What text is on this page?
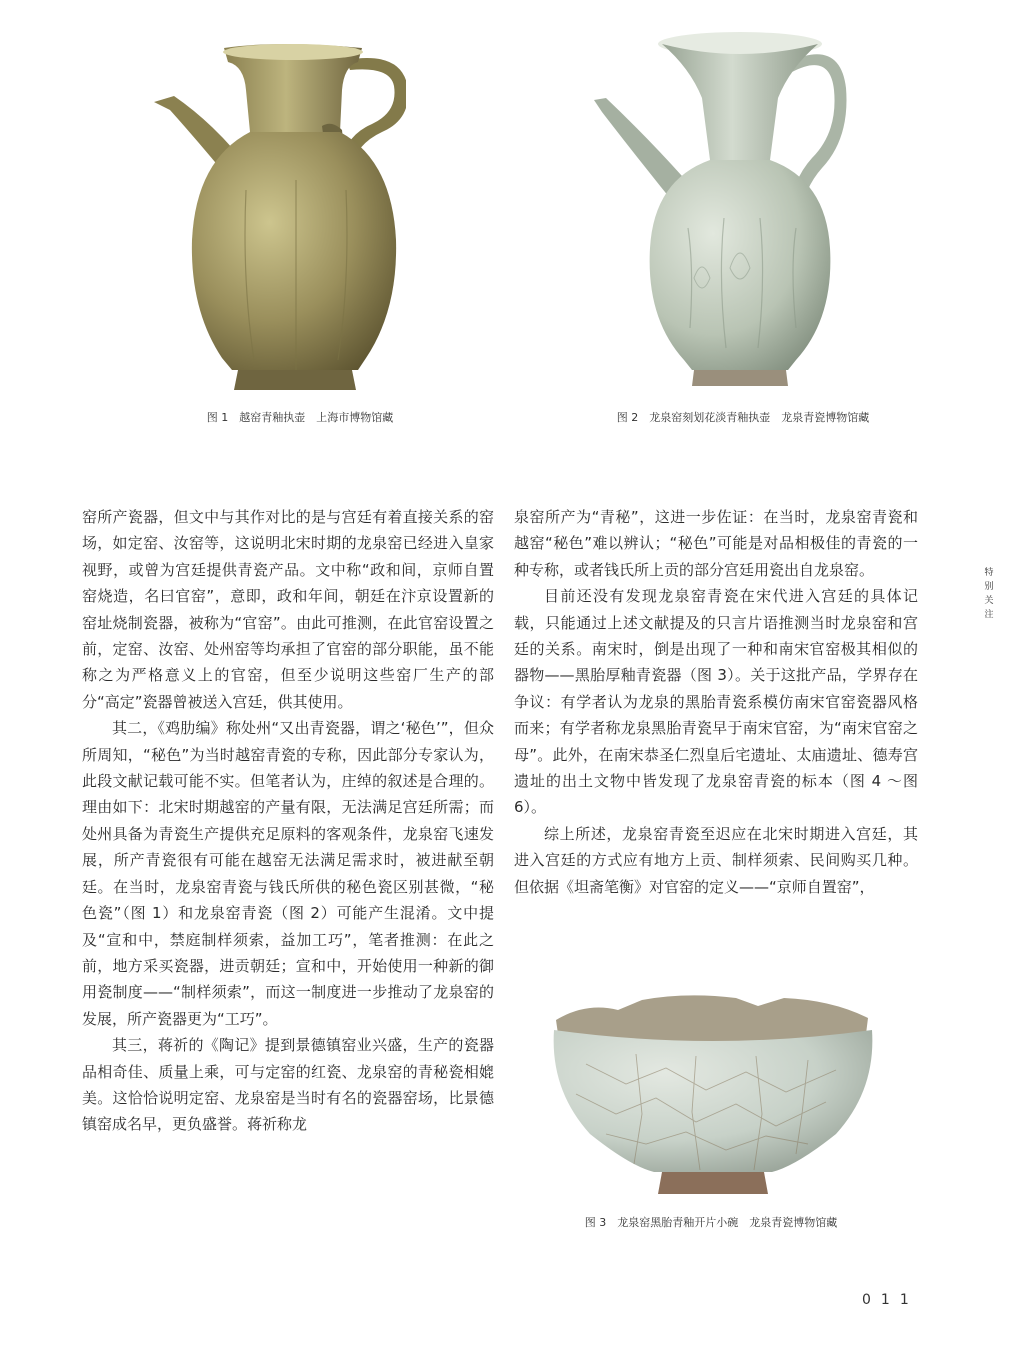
图 1　越窑青釉执壶　上海市博物馆藏	图 2　龙泉窑刻划花淡青釉执壶　龙泉青瓷博物馆藏

窑所产瓷器，但文中与其作对比的是与宫廷有着直接关系的窑场，如定窑、汝窑等，这说明北宋时期的龙泉窑已经进入皇家视野，或曾为宫廷提供青瓷产品。文中称“政和间，京师自置窑烧造，名曰官窑”，意即，政和年间，朝廷在汴京设置新的窑址烧制瓷器，被称为“官窑”。由此可推测，在此官窑设置之前，定窑、汝窑、处州窑等均承担了官窑的部分职能，虽不能称之为严格意义上的官窑，但至少说明这些窑厂生产的部分“高定”瓷器曾被送入宫廷，供其使用。

其二，《鸡肋编》称处州“又出青瓷器，谓之‘秘色’”，但众所周知，“秘色”为当时越窑青瓷的专称，因此部分专家认为，此段文献记载可能不实。但笔者认为，庄绰的叙述是合理的。理由如下：北宋时期越窑的产量有限，无法满足宫廷所需；而处州具备为青瓷生产提供充足原料的客观条件，龙泉窑飞速发展，所产青瓷很有可能在越窑无法满足需求时，被进献至朝廷。在当时，龙泉窑青瓷与钱氏所供的秘色瓷区别甚微，“秘色瓷”（图 1）和龙泉窑青瓷（图 2）可能产生混淆。文中提及“宣和中，禁庭制样须索，益加工巧”，笔者推测：在此之前，地方采买瓷器，进贡朝廷；宣和中，开始使用一种新的御用瓷制度——“制样须索”，而这一制度进一步推动了龙泉窑的发展，所产瓷器更为“工巧”。

其三，蒋祈的《陶记》提到景德镇窑业兴盛，生产的瓷器品相奇佳、质量上乘，可与定窑的红瓷、龙泉窑的青秘瓷相媲美。这恰恰说明定窑、龙泉窑是当时有名的瓷器窑场，比景德镇窑成名早，更负盛誉。蒋祈称龙

泉窑所产为“青秘”，这进一步佐证：在当时，龙泉窑青瓷和越窑“秘色”难以辨认；“秘色”可能是对品相极佳的青瓷的一种专称，或者钱氏所上贡的部分宫廷用瓷出自龙泉窑。

目前还没有发现龙泉窑青瓷在宋代进入宫廷的具体记载，只能通过上述文献提及的只言片语推测当时龙泉窑和宫廷的关系。南宋时，倒是出现了一种和南宋官窑极其相似的器物——黑胎厚釉青瓷器（图 3）。关于这批产品，学界存在争议：有学者认为龙泉的黑胎青瓷系模仿南宋官窑瓷器风格而来；有学者称龙泉黑胎青瓷早于南宋官窑，为“南宋官窑之母”。此外，在南宋恭圣仁烈皇后宅遗址、太庙遗址、德寿宫遗址的出土文物中皆发现了龙泉窑青瓷的标本（图 4 ～图 6）。

综上所述，龙泉窑青瓷至迟应在北宋时期进入宫廷，其进入宫廷的方式应有地方上贡、制样须索、民间购买几种。但依据《坦斋笔衡》对官窑的定义——“京师自置窑”，

图 3　龙泉窑黑胎青釉开片小碗　龙泉青瓷博物馆藏
特
别
关
注
011
